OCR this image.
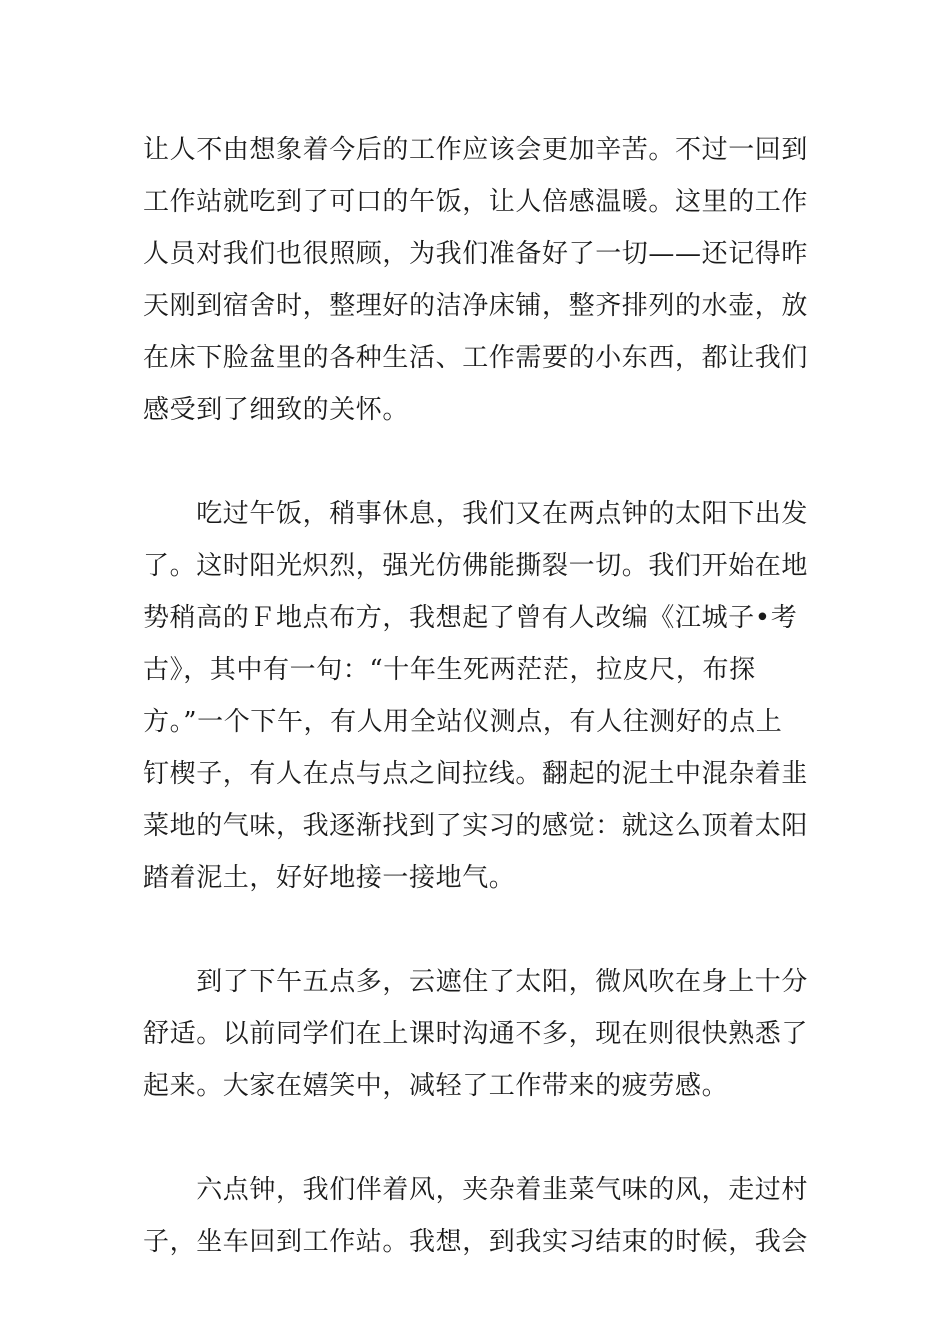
让人不由想象着今后的工作应该会更加辛苦。不过一回到
工作站就吃到了可口的午饭，让人倍感温暖。这里的工作
人员对我们也很照顾，为我们准备好了一切——还记得昨
天刚到宿舍时，整理好的洁净床铺，整齐排列的水壶，放
在床下脸盆里的各种生活、工作需要的小东西，都让我们
感受到了细致的关怀。
　　吃过午饭，稍事休息，我们又在两点钟的太阳下出发
了。这时阳光炽烈，强光仿佛能撕裂一切。我们开始在地
势稍高的Ｆ地点布方，我想起了曾有人改编《江城子•考
古》，其中有一句：“十年生死两茫茫，拉皮尺，布探
方。”一个下午，有人用全站仪测点，有人往测好的点上
钉楔子，有人在点与点之间拉线。翻起的泥土中混杂着韭
菜地的气味，我逐渐找到了实习的感觉：就这么顶着太阳
踏着泥土，好好地接一接地气。
　　到了下午五点多，云遮住了太阳，微风吹在身上十分
舒适。以前同学们在上课时沟通不多，现在则很快熟悉了
起来。大家在嬉笑中，减轻了工作带来的疲劳感。
　　六点钟，我们伴着风，夹杂着韭菜气味的风，走过村
子，坐车回到工作站。我想，到我实习结束的时候，我会
